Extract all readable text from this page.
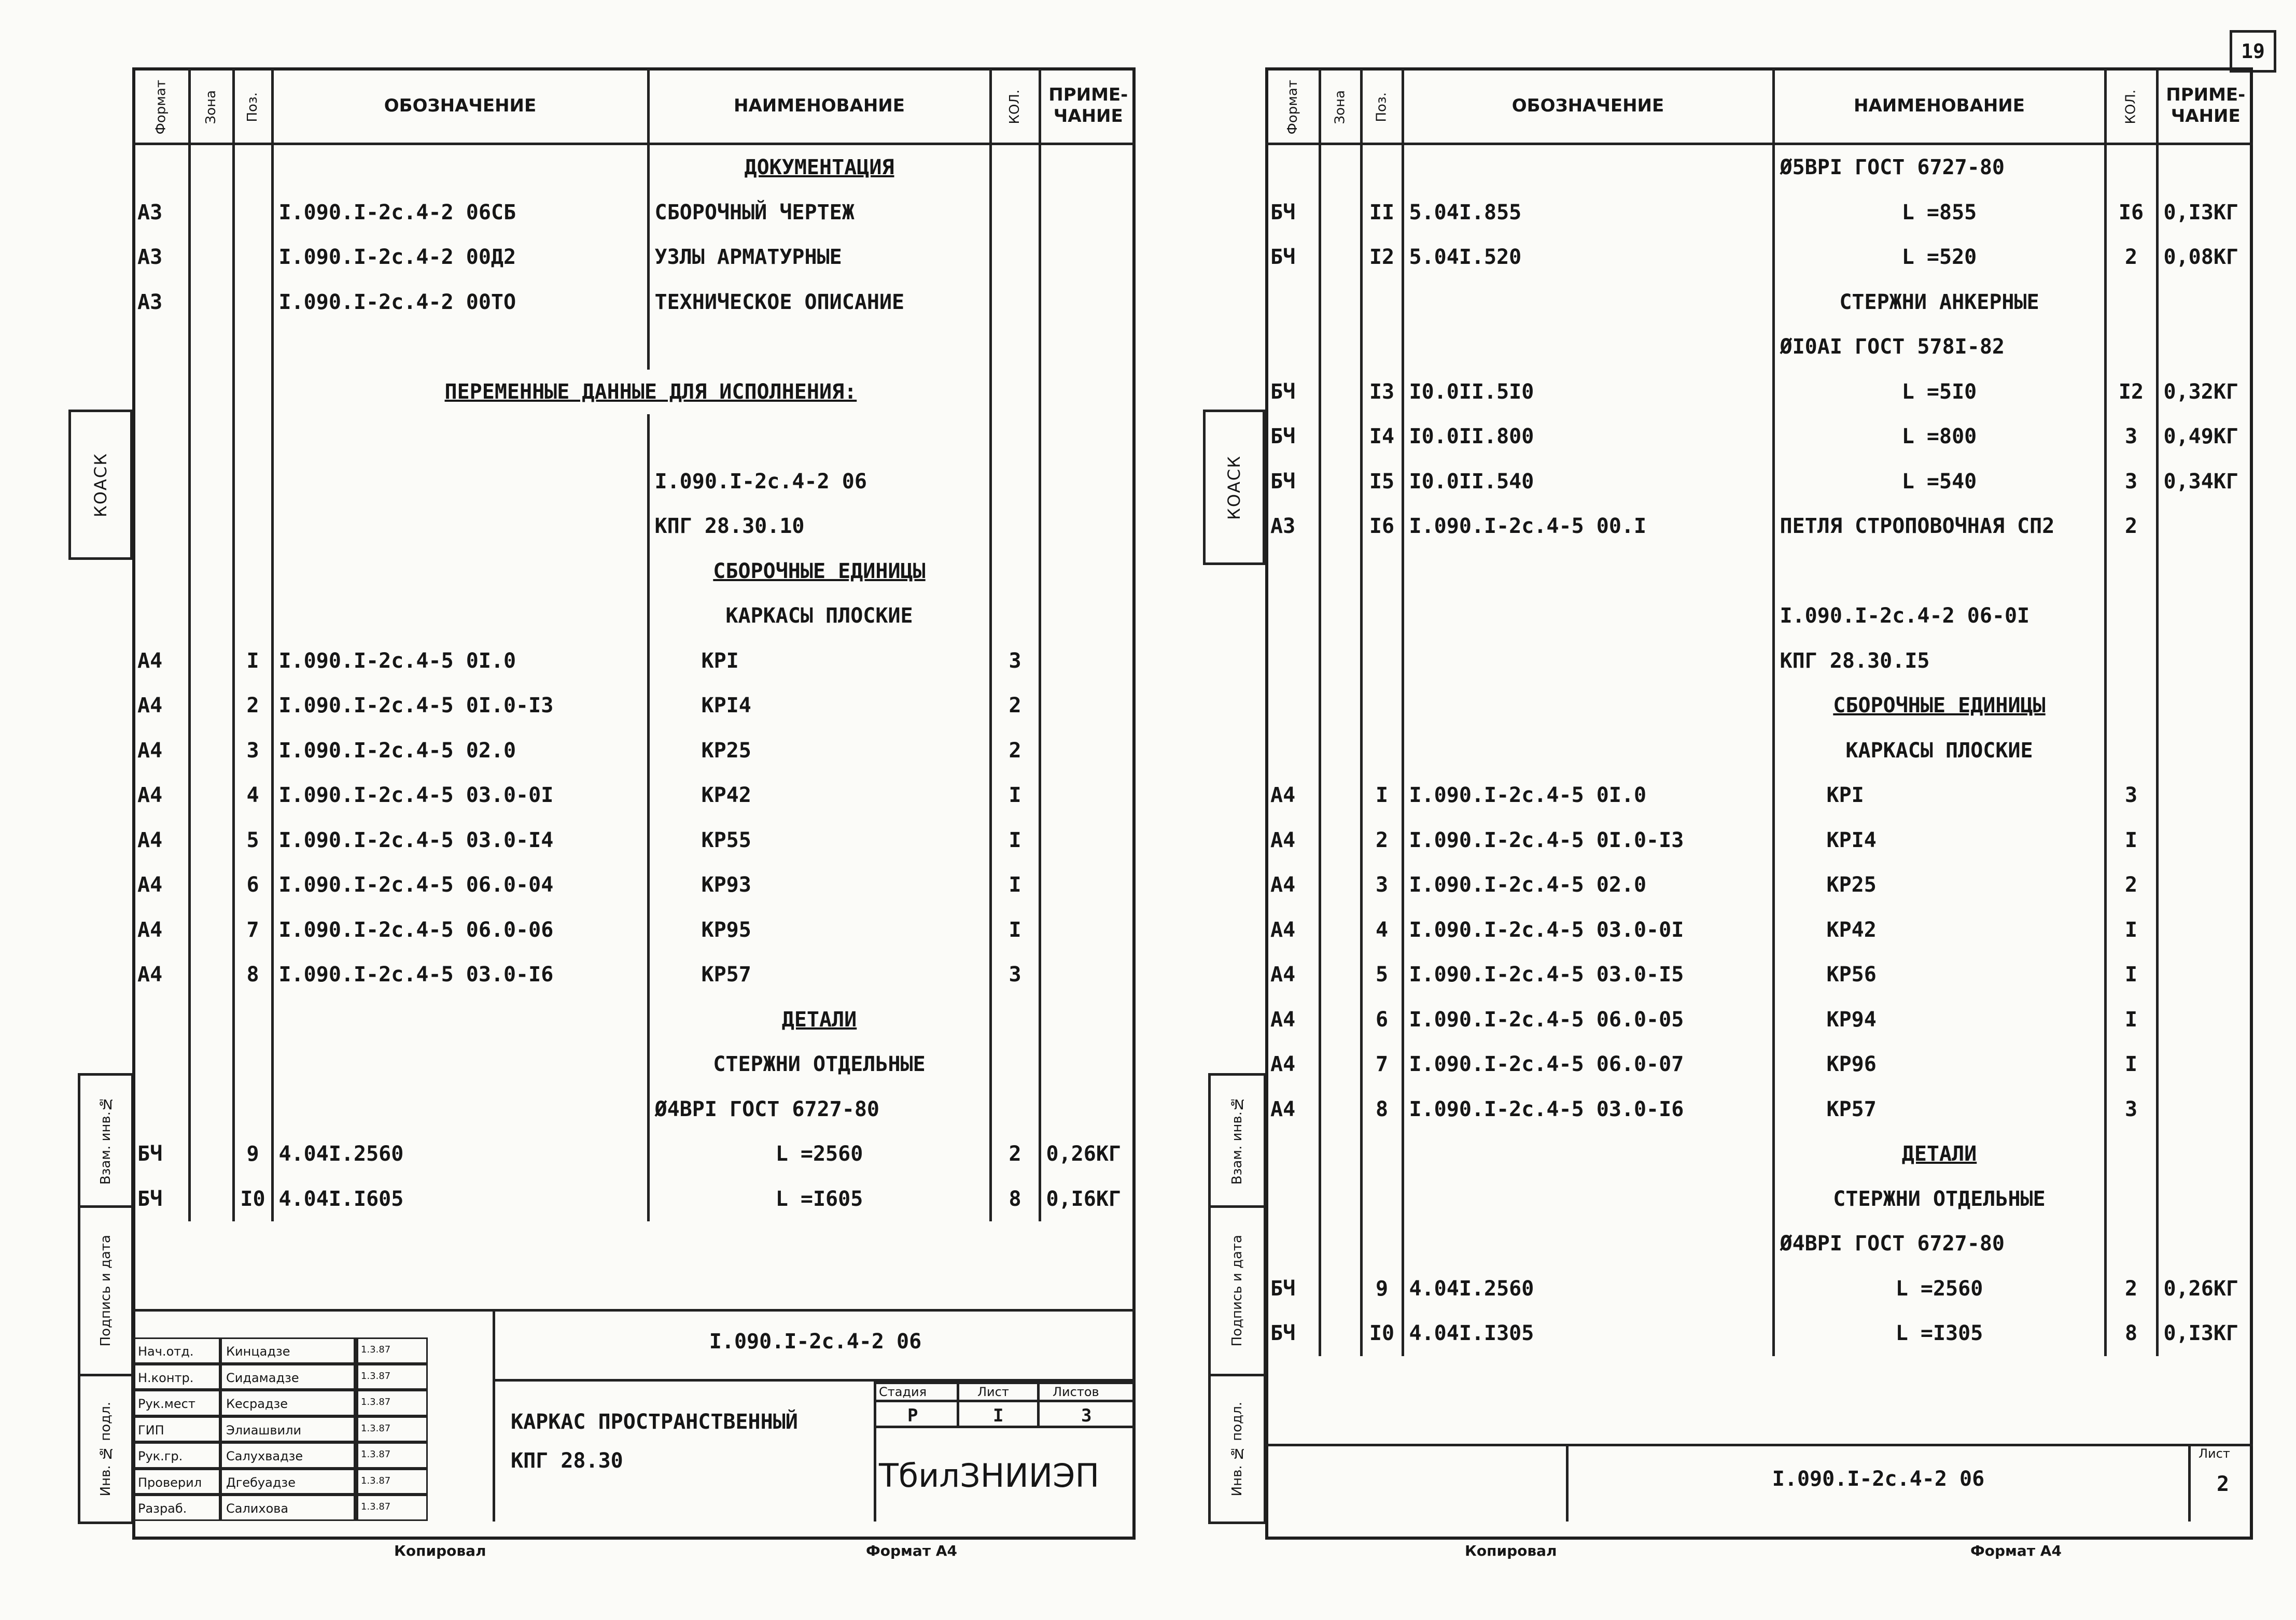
19
КОАСК
Взам. инв.№
Подпись и дата
Инв. № подл.
Формат	Зона	Поз.	ОБОЗНАЧЕНИЕ	НАИМЕНОВАНИЕ	КОЛ.	ПРИМЕ-ЧАНИЕ
				ДОКУМЕНТАЦИЯ		
А3			I.090.I-2с.4-2 06СБ	СБОРОЧНЫЙ ЧЕРТЕЖ		
А3			I.090.I-2с.4-2 00Д2	УЗЛЫ АРМАТУРНЫЕ		
А3			I.090.I-2с.4-2 00ТО	ТЕХНИЧЕСКОЕ ОПИСАНИЕ		

			ПЕРЕМЕННЫЕ ДАННЫЕ ДЛЯ ИСПОЛНЕНИЯ:			

				I.090.I-2с.4-2 06		
				КПГ 28.30.10		
				СБОРОЧНЫЕ ЕДИНИЦЫ		
				КАРКАСЫ ПЛОСКИЕ		
А4		I	I.090.I-2с.4-5 0I.0	КРI	3	
А4		2	I.090.I-2с.4-5 0I.0-I3	КРI4	2	
А4		3	I.090.I-2с.4-5 02.0	КР25	2	
А4		4	I.090.I-2с.4-5 03.0-0I	КР42	I	
А4		5	I.090.I-2с.4-5 03.0-I4	КР55	I	
А4		6	I.090.I-2с.4-5 06.0-04	КР93	I	
А4		7	I.090.I-2с.4-5 06.0-06	КР95	I	
А4		8	I.090.I-2с.4-5 03.0-I6	КР57	3	
				ДЕТАЛИ		
				СТЕРЖНИ ОТДЕЛЬНЫЕ		
				Ø4ВРI ГОСТ 6727-80		
БЧ		9	4.04I.2560	L =2560	2	0,26КГ
БЧ		I0	4.04I.I605	L =I605	8	0,I6КГ
I.090.I-2с.4-2 06
Стадия	Лист	Листов
Р	I	3
КАРКАС ПРОСТРАНСТВЕННЫЙ
КПГ 28.30	ТбилЗНИИЭП
Нач.отд.	Кинцадзе	1.3.87
Н.контр.	Сидамадзе	1.3.87
Рук.мест Кесрадзе	1.3.87
ГИП	Элиашвили	1.3.87
Рук.гр.	Салухвадзе	1.3.87
Проверил Дгебуадзе	1.3.87
Разраб.	Салихова	1.3.87
Копировал	Формат А4
КОАСК
Взам. инв.№
Подпись и дата
Инв. № подл.
Формат	Зона	Поз.	ОБОЗНАЧЕНИЕ	НАИМЕНОВАНИЕ	КОЛ.	ПРИМЕ-ЧАНИЕ
				Ø5ВРI ГОСТ 6727-80		
БЧ		II	5.04I.855	L =855	I6	0,I3КГ
БЧ		I2	5.04I.520	L =520	2	0,08КГ
				СТЕРЖНИ АНКЕРНЫЕ		
				ØI0АI ГОСТ 578I-82		
БЧ		I3	I0.0II.5I0	L =5I0	I2	0,32КГ
БЧ		I4	I0.0II.800	L =800	3	0,49КГ
БЧ		I5	I0.0II.540	L =540	3	0,34КГ
А3		I6	I.090.I-2с.4-5 00.I	ПЕТЛЯ СТРОПОВОЧНАЯ СП2	2	

				I.090.I-2с.4-2 06-0I		
				КПГ 28.30.I5		
				СБОРОЧНЫЕ ЕДИНИЦЫ		
				КАРКАСЫ ПЛОСКИЕ		
А4		I	I.090.I-2с.4-5 0I.0	КРI	3	
А4		2	I.090.I-2с.4-5 0I.0-I3	КРI4	I	
А4		3	I.090.I-2с.4-5 02.0	КР25	2	
А4		4	I.090.I-2с.4-5 03.0-0I	КР42	I	
А4		5	I.090.I-2с.4-5 03.0-I5	КР56	I	
А4		6	I.090.I-2с.4-5 06.0-05	КР94	I	
А4		7	I.090.I-2с.4-5 06.0-07	КР96	I	
А4		8	I.090.I-2с.4-5 03.0-I6	КР57	3	
				ДЕТАЛИ		
				СТЕРЖНИ ОТДЕЛЬНЫЕ		
				Ø4ВРI ГОСТ 6727-80		
БЧ		9	4.04I.2560	L =2560	2	0,26КГ
БЧ		I0	4.04I.I305	L =I305	8	0,I3КГ
I.090.I-2с.4-2 06
Лист
2
Копировал	Формат А4
